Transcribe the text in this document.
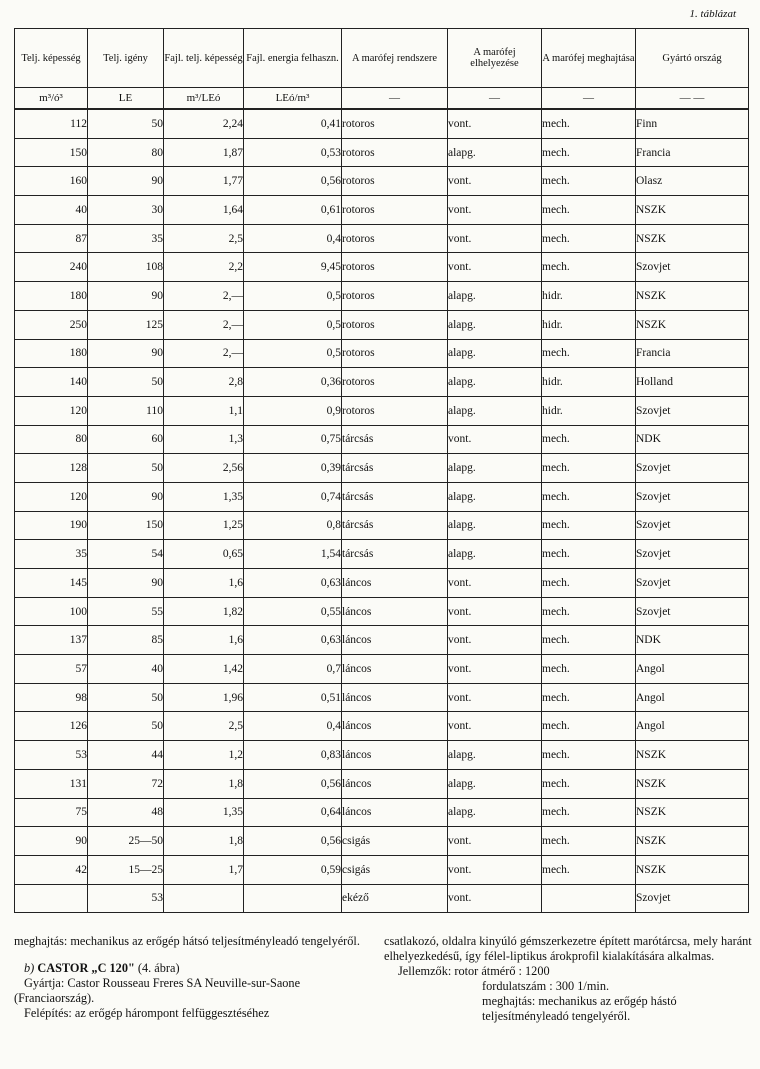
1. táblázat
Telj. képesség	Telj. igény	Fajl. telj. képesség	Fajl. energia felhaszn.	A marófej rendszere	A marófej elhelyezése	A marófej meghajtása	Gyártó ország
m³/ó³	LE	m³/LEó	LEó/m³	—	—	—	— —
112	50	2,24	0,41	rotoros	vont.	mech.	Finn
150	80	1,87	0,53	rotoros	alapg.	mech.	Francia
160	90	1,77	0,56	rotoros	vont.	mech.	Olasz
40	30	1,64	0,61	rotoros	vont.	mech.	NSZK
87	35	2,5	0,4	rotoros	vont.	mech.	NSZK
240	108	2,2	9,45	rotoros	vont.	mech.	Szovjet
180	90	2,—	0,5	rotoros	alapg.	hidr.	NSZK
250	125	2,—	0,5	rotoros	alapg.	hidr.	NSZK
180	90	2,—	0,5	rotoros	alapg.	mech.	Francia
140	50	2,8	0,36	rotoros	alapg.	hidr.	Holland
120	110	1,1	0,9	rotoros	alapg.	hidr.	Szovjet
80	60	1,3	0,75	tárcsás	vont.	mech.	NDK
128	50	2,56	0,39	tárcsás	alapg.	mech.	Szovjet
120	90	1,35	0,74	tárcsás	alapg.	mech.	Szovjet
190	150	1,25	0,8	tárcsás	alapg.	mech.	Szovjet
35	54	0,65	1,54	tárcsás	alapg.	mech.	Szovjet
145	90	1,6	0,63	láncos	vont.	mech.	Szovjet
100	55	1,82	0,55	láncos	vont.	mech.	Szovjet
137	85	1,6	0,63	láncos	vont.	mech.	NDK
57	40	1,42	0,7	láncos	vont.	mech.	Angol
98	50	1,96	0,51	láncos	vont.	mech.	Angol
126	50	2,5	0,4	láncos	vont.	mech.	Angol
53	44	1,2	0,83	láncos	alapg.	mech.	NSZK
131	72	1,8	0,56	láncos	alapg.	mech.	NSZK
75	48	1,35	0,64	láncos	alapg.	mech.	NSZK
90	25—50	1,8	0,56	csigás	vont.	mech.	NSZK
42	15—25	1,7	0,59	csigás	vont.	mech.	NSZK
	53			ekéző	vont.		Szovjet

meghajtás: mechanikus az erőgép hátsó teljesítményleadó tengelyéről.

b) CASTOR „C 120" (4. ábra)

Gyártja: Castor Rousseau Freres SA Neuville-sur-Saone (Franciaország).

Felépítés: az erőgép hárompont felfüggesztéséhez

csatlakozó, oldalra kinyúló gémszerkezetre épített marótárcsa, mely haránt elhelyezkedésű, így félel-liptikus árokprofil kialakítására alkalmas.

Jellemzők: rotor átmérő : 1200

fordulatszám : 300 1/min.

meghajtás: mechanikus az erőgép hástó teljesítményleadó tengelyéről.
